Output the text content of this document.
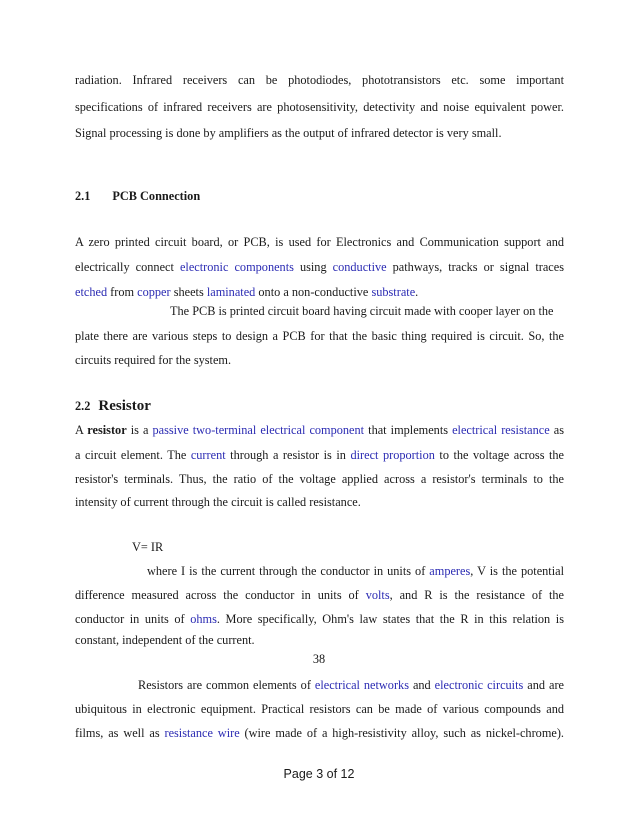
radiation. Infrared receivers can be photodiodes, phototransistors etc. some important
specifications of infrared receivers are photosensitivity, detectivity and noise equivalent power.
Signal processing is done by amplifiers as the output of infrared detector is very small.
2.1 PCB Connection
A zero printed circuit board, or PCB, is used for Electronics and Communication support and
electrically connect electronic components using conductive pathways, tracks or signal traces
etched from copper sheets laminated onto a non-conductive substrate.
The PCB is printed circuit board having circuit made with cooper layer on the
plate there are various steps to design a PCB for that the basic thing required is circuit. So, the
circuits required for the system.
2.2 Resistor
A resistor is a passive two-terminal electrical component that implements electrical resistance as
a circuit element. The current through a resistor is in direct proportion to the voltage across the
resistor's terminals. Thus, the ratio of the voltage applied across a resistor's terminals to the
intensity of current through the circuit is called resistance.
V= IR
where I is the current through the conductor in units of amperes, V is the potential
difference measured across the conductor in units of volts, and R is the resistance of the
conductor in units of ohms. More specifically, Ohm's law states that the R in this relation is
constant, independent of the current.
38
Resistors are common elements of electrical networks and electronic circuits and are
ubiquitous in electronic equipment. Practical resistors can be made of various compounds and
films, as well as resistance wire (wire made of a high-resistivity alloy, such as nickel-chrome).
Page 3 of 12
